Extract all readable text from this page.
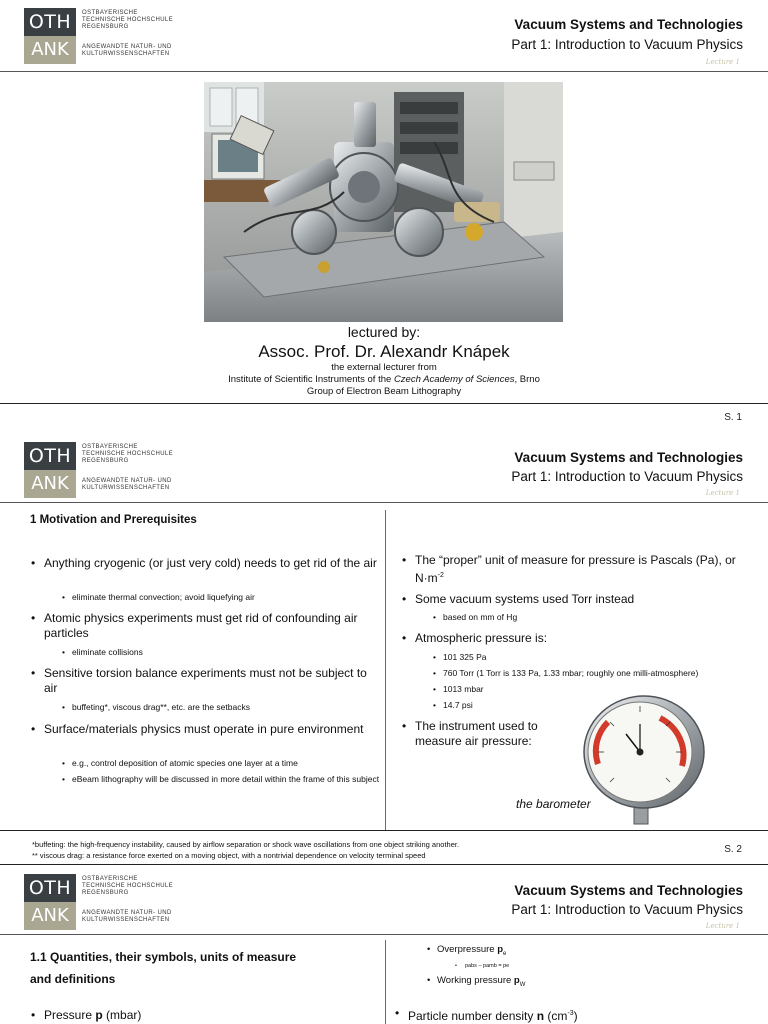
OTH
ANK
OSTBAYERISCHE
TECHNISCHE HOCHSCHULE
REGENSBURG
ANGEWANDTE NATUR- UND
KULTURWISSENSCHAFTEN
Vacuum Systems and Technologies
Part 1: Introduction to Vacuum Physics
Lecture 1
lectured by:
Assoc. Prof. Dr. Alexandr Knápek
the external lecturer from
Institute of Scientific Instruments of the Czech Academy of Sciences, Brno
Group of Electron Beam Lithography
S. 1
OTH
ANK
OSTBAYERISCHE
TECHNISCHE HOCHSCHULE
REGENSBURG
ANGEWANDTE NATUR- UND
KULTURWISSENSCHAFTEN
Vacuum Systems and Technologies
Part 1: Introduction to Vacuum Physics
Lecture 1
1 Motivation and Prerequisites
• Anything cryogenic (or just very cold) needs to get rid of the air
• eliminate thermal convection; avoid liquefying air
• Atomic physics experiments must get rid of confounding air particles
• eliminate collisions
• Sensitive torsion balance experiments must not be subject to air
• buffeting*, viscous drag**, etc. are the setbacks
• Surface/materials physics must operate in pure environment
• e.g., control deposition of atomic species one layer at a time
• eBeam lithography will be discussed in more detail within the frame of this subject
• The “proper” unit of measure for pressure is Pascals (Pa), or $N\cdot m^{-2}$
• Some vacuum systems used Torr instead
• based on mm of Hg
• Atmospheric pressure is:
• 101 325 Pa
• 760 Torr (1 Torr is 133 Pa, 1.33 mbar; roughly one milli-atmosphere)
• 1013 mbar
• 14.7 psi
• The instrument used to measure air pressure:
the barometer
*buffeting: the high-frequency instability, caused by airflow separation or shock wave oscillations from one object striking another.
** viscous drag: a resistance force exerted on a moving object, with a nontrivial dependence on velocity terminal speed
S. 2
OTH
ANK
OSTBAYERISCHE
TECHNISCHE HOCHSCHULE
REGENSBURG
ANGEWANDTE NATUR- UND
KULTURWISSENSCHAFTEN
Vacuum Systems and Technologies
Part 1: Introduction to Vacuum Physics
Lecture 1
1.1 Quantities, their symbols, units of measure
and definitions
• Pressure p (mbar)
• Overpressure $p_e$
• pabs – pamb = pe
• Working pressure $p_W$
• Particle number density n $(cm^{-3})$
